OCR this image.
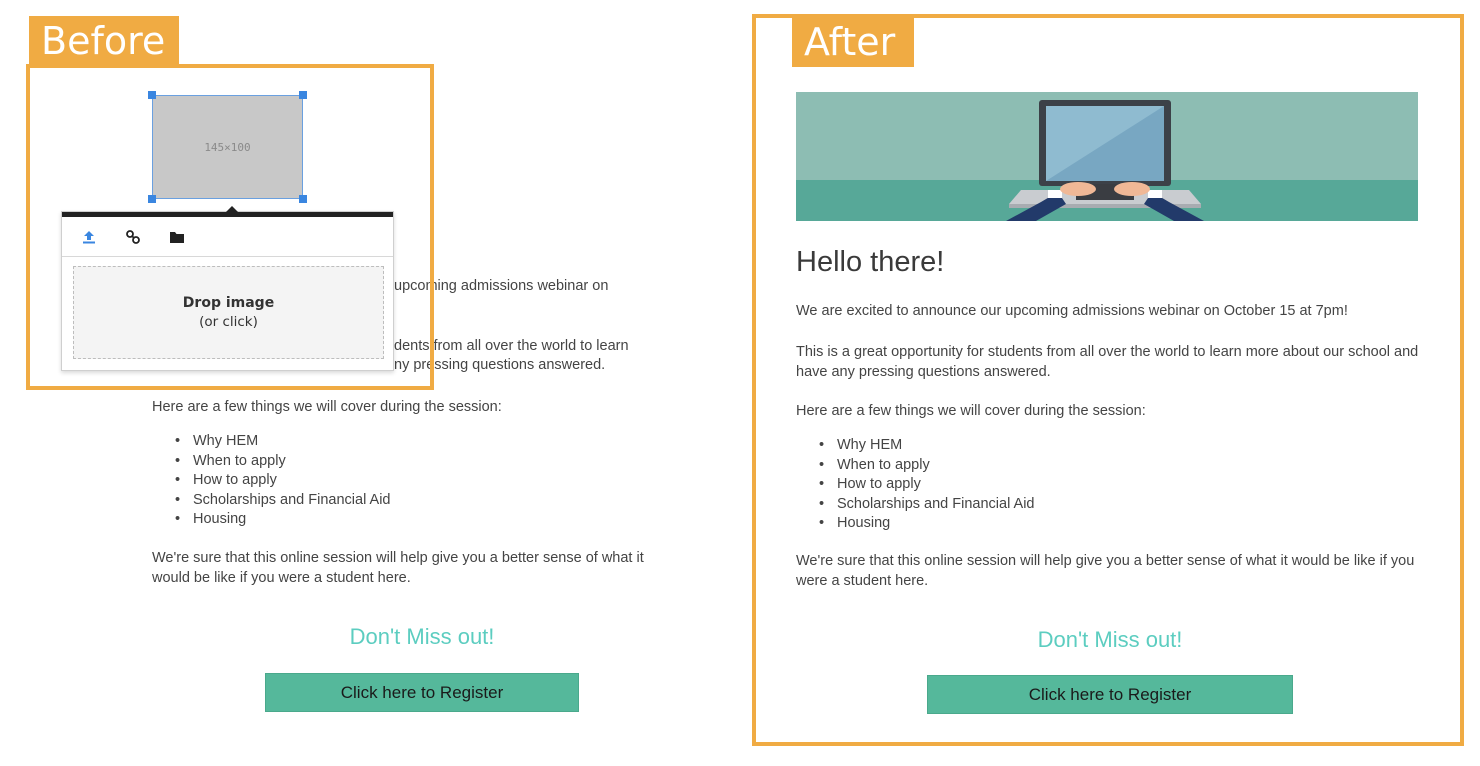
Before
upcoming admissions webinar on
dents from all over the world to learn
ny pressing questions answered.
Here are a few things we will cover during the session:
• Why HEM
• When to apply
• How to apply
• Scholarships and Financial Aid
• Housing
We're sure that this online session will help give you a better sense of what it would be like if you were a student here.
Don't Miss out!
Click here to Register
145×100
Drop image
(or click)
After
Hello there!
We are excited to announce our upcoming admissions webinar on October 15 at 7pm!
This is a great opportunity for students from all over the world to learn more about our school and have any pressing questions answered.
Here are a few things we will cover during the session:
• Why HEM
• When to apply
• How to apply
• Scholarships and Financial Aid
• Housing
We're sure that this online session will help give you a better sense of what it would be like if you were a student here.
Don't Miss out!
Click here to Register
